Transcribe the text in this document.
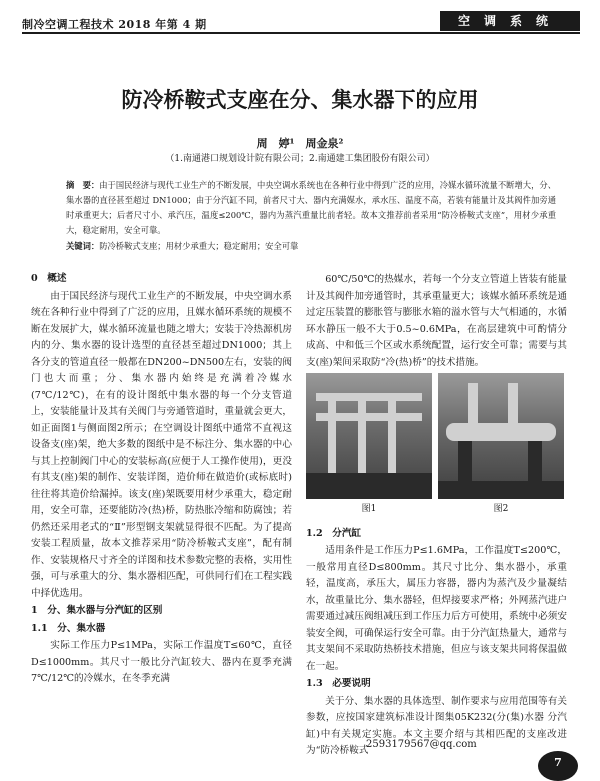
制冷空调工程技术 2018 年第 4 期	空调系统
防冷桥鞍式支座在分、集水器下的应用
周　婷¹　周金泉²
（1.南通港口规划设计院有限公司；2.南通建工集团股份有限公司）
摘　要：由于国民经济与现代工业生产的不断发展，中央空调水系统也在各种行业中得到广泛的应用，冷媒水循环流量不断增大，分、集水器的直径甚至超过 DN1000；由于分汽缸不同，前者尺寸大、器内充满媒水，承水压、温度不高，若装有能量计及其阀件加旁通时承重更大；后者尺寸小、承汽压，温度≤200℃，器内为蒸汽重量比前者轻。故本文推荐前者采用“防冷桥鞍式支座”，用材少承重大，稳定耐用，安全可靠。
关键词：防冷桥鞍式支座；用材少承重大；稳定耐用；安全可靠

0　概述

由于国民经济与现代工业生产的不断发展，中央空调水系统在各种行业中得到了广泛的应用，且媒水循环系统的规模不断在发展扩大，媒水循环流量也随之增大；安装于冷热源机房内的分、集水器的设计选型的直径甚至超过DN1000；其上各分支的管道直径一般都在DN200~DN500左右，安装的阀门也大而重；分、集水器内始终是充满着冷媒水(7℃/12℃)，在有的设计图纸中集水器的每一个分支管道上，安装能量计及其有关阀门与旁通管道时，重量就会更大，如正面图1与侧面图2所示；在空调设计图纸中通常不直视这设备支(座)架，绝大多数的图纸中是不标注分、集水器的中心与其上控制阀门中心的安装标高(应便于人工操作使用)，更没有其支(座)架的制作、安装详图，造价师在做造价(或标底时)往往将其造价给漏掉。该支(座)架既要用材少承重大，稳定耐用，安全可靠，还要能防冷(热)桥，防热胀冷缩和防腐蚀；若仍然还采用老式的“Ⅱ”形型钢支架就显得很不匹配。为了提高安装工程质量，故本文推荐采用“防冷桥鞍式支座”，配有制作、安装规格尺寸齐全的详图和技术参数完整的表格，实用性强，可与承重大的分、集水器相匹配，可供同行们在工程实践中择优选用。

1　分、集水器与分汽缸的区别

1.1　分、集水器

实际工作压力P≤1MPa，实际工作温度T≤60℃，直径D≤1000mm。其尺寸一般比分汽缸较大、器内在夏季充满7℃/12℃的冷媒水，在冬季充满

60℃/50℃的热媒水，若每一个分支立管道上皆装有能量计及其阀件加旁通管时，其承重量更大；该媒水循环系统是通过定压装置的膨胀管与膨胀水箱的溢水管与大气相通的，水循环水静压一般不大于0.5~0.6MPa，在高层建筑中可酌情分成高、中和低三个区或水系统配置，运行安全可靠；需要与其支(座)架间采取防“冷(热)桥”的技术措施。

图1	图2

1.2　分汽缸

适用条件是工作压力P≤1.6MPa，工作温度T≤200℃，一般常用直径D≤800mm。其尺寸比分、集水器小，承重轻，温度高，承压大，属压力容器，器内为蒸汽及少量凝结水，故重量比分、集水器轻，但焊接要求严格；外网蒸汽进户需要通过减压阀组减压到工作压力后方可使用，系统中必须安装安全阀，可确保运行安全可靠。由于分汽缸热量大，通常与其支架间不采取防热桥技术措施，但应与该支架共同将保温做在一起。

1.3　必要说明

关于分、集水器的具体选型、制作要求与应用范围等有关参数，应按国家建筑标准设计图集05K232(分(集)水器 分汽缸)中有关规定实施。本文主要介绍与其相匹配的支座改进为“防冷桥鞍式

2593179567@qq.com
7
